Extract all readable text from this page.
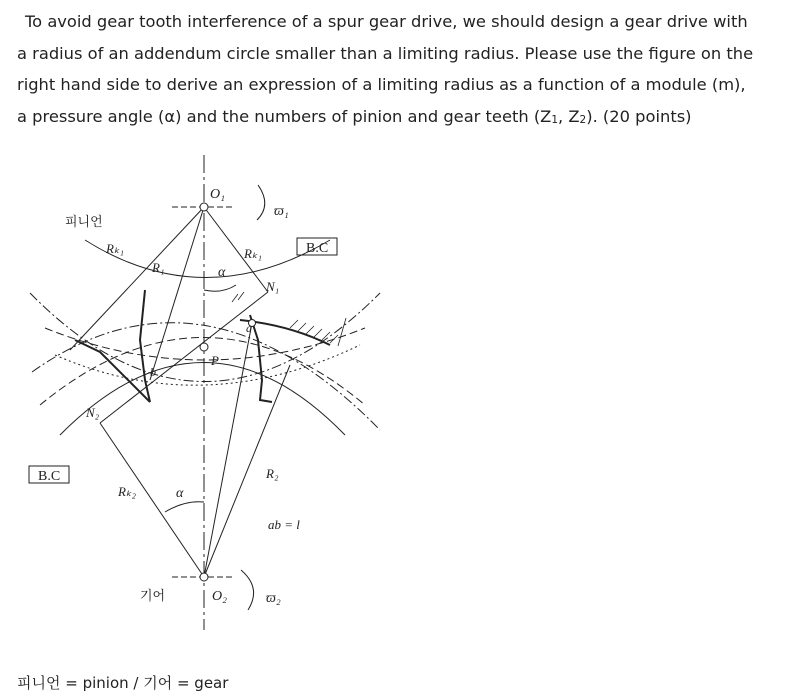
To avoid gear tooth interference of a spur gear drive, we should design a gear drive with
a radius of an addendum circle smaller than a limiting radius. Please use the figure on the
right hand side to derive an expression of a limiting radius as a function of a module (m),
a pressure angle (α) and the numbers of pinion and gear teeth ($Z_1$, $Z_2$). (20 points)
피니언
기어
O₁
ϖ₁
Rₖ₁	Rₖ₁
R₁	α
N₁
a
b
P
N₂
B.C
B.C	R₂
Rₖ₂	α
ab = l
O₂	ϖ₂
피니언 = pinion / 기어 = gear
